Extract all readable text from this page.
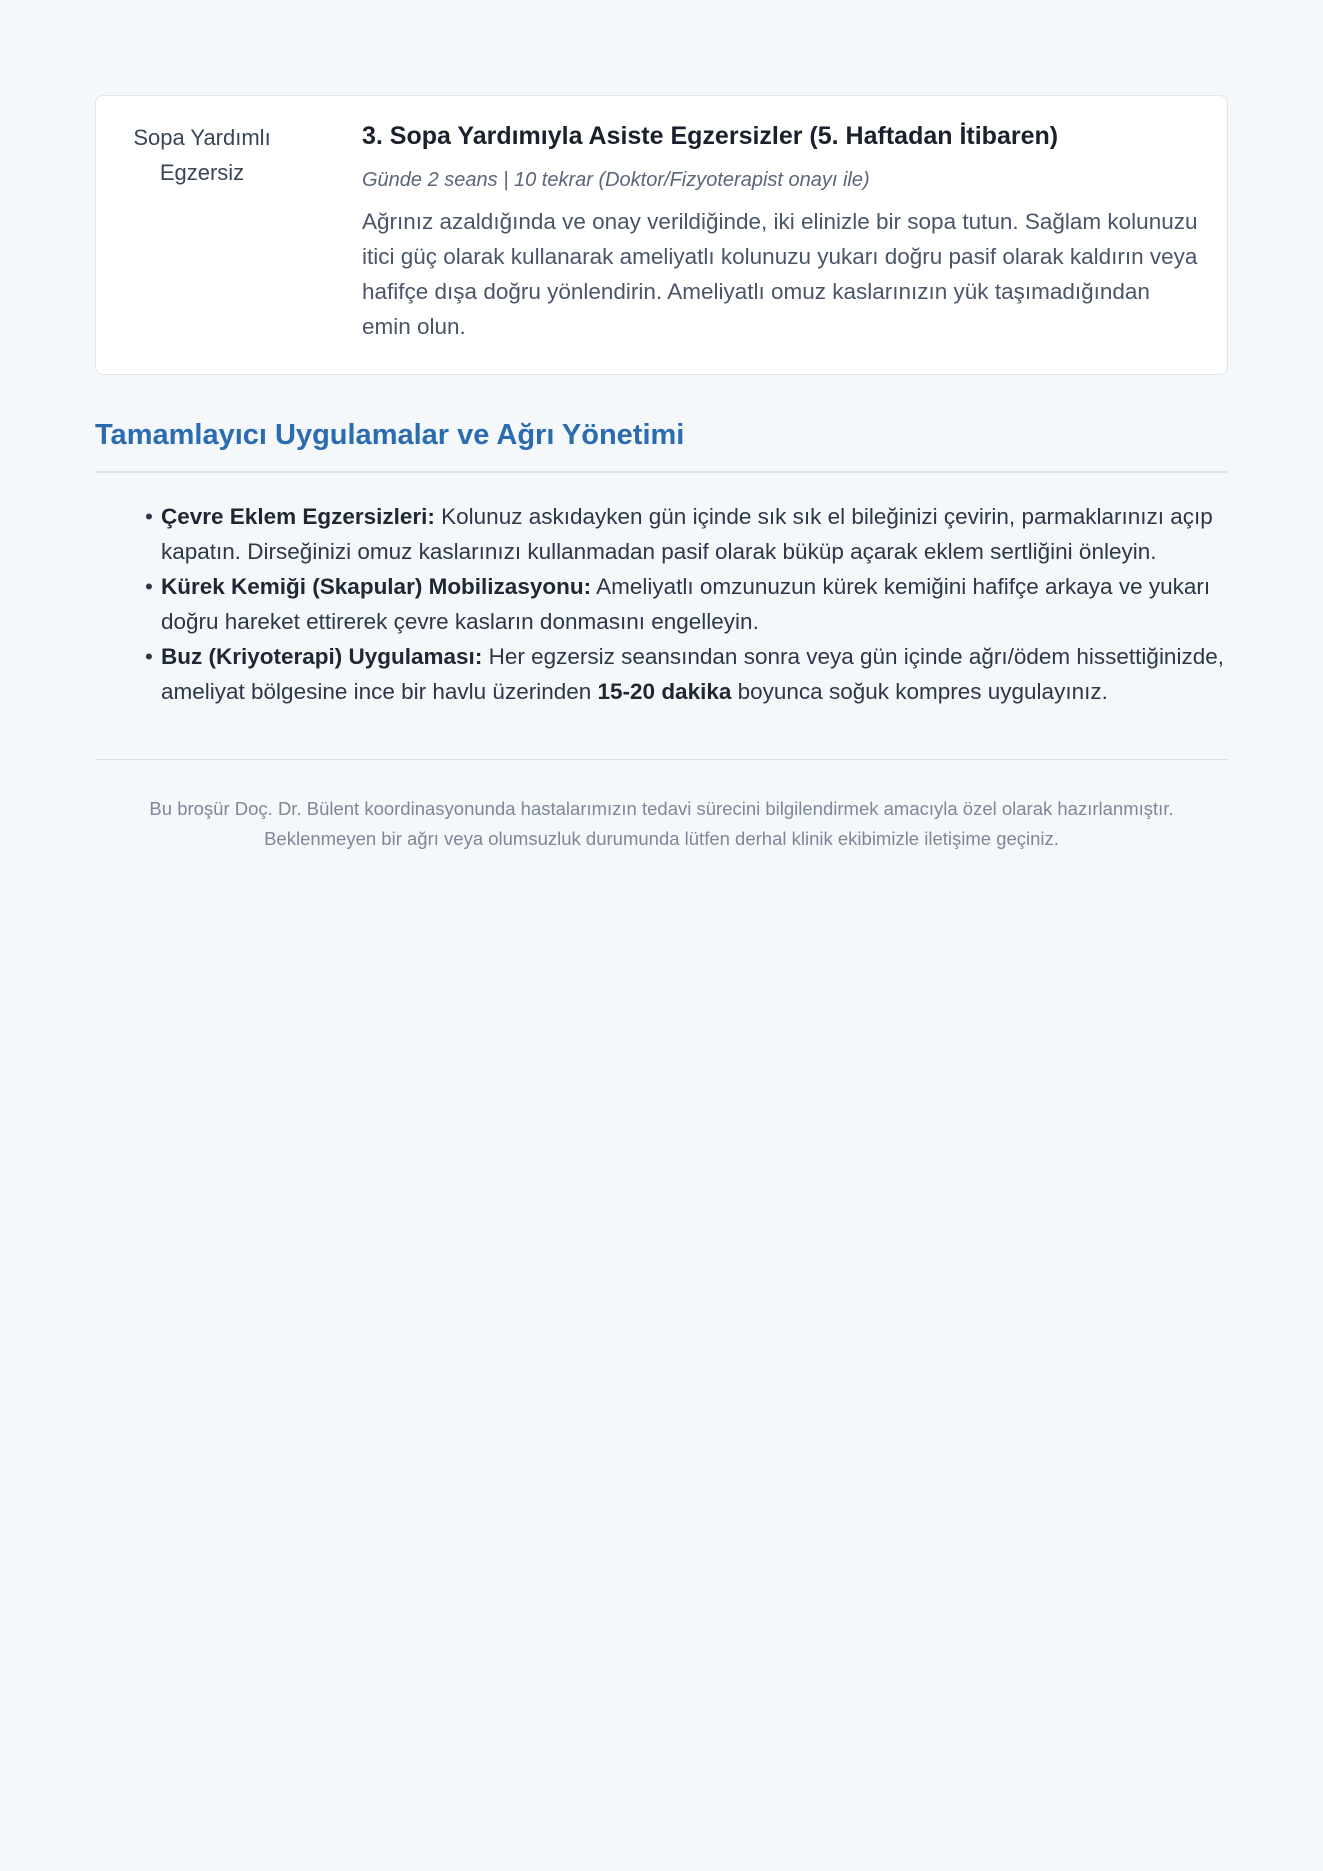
Sopa Yardımlı Egzersiz
3. Sopa Yardımıyla Asiste Egzersizler (5. Haftadan İtibaren)

Günde 2 seans | 10 tekrar (Doktor/Fizyoterapist onayı ile)

Ağrınız azaldığında ve onay verildiğinde, iki elinizle bir sopa tutun. Sağlam kolunuzu itici güç olarak kullanarak ameliyatlı kolunuzu yukarı doğru pasif olarak kaldırın veya hafifçe dışa doğru yönlendirin. Ameliyatlı omuz kaslarınızın yük taşımadığından emin olun.

Tamamlayıcı Uygulamalar ve Ağrı Yönetimi
• Çevre Eklem Egzersizleri: Kolunuz askıdayken gün içinde sık sık el bileğinizi çevirin, parmaklarınızı açıp kapatın. Dirseğinizi omuz kaslarınızı kullanmadan pasif olarak büküp açarak eklem sertliğini önleyin.
• Kürek Kemiği (Skapular) Mobilizasyonu: Ameliyatlı omzunuzun kürek kemiğini hafifçe arkaya ve yukarı doğru hareket ettirerek çevre kasların donmasını engelleyin.
• Buz (Kriyoterapi) Uygulaması: Her egzersiz seansından sonra veya gün içinde ağrı/ödem hissettiğinizde, ameliyat bölgesine ince bir havlu üzerinden 15-20 dakika boyunca soğuk kompres uygulayınız.
Bu broşür Doç. Dr. Bülent koordinasyonunda hastalarımızın tedavi sürecini bilgilendirmek amacıyla özel olarak hazırlanmıştır.
Beklenmeyen bir ağrı veya olumsuzluk durumunda lütfen derhal klinik ekibimizle iletişime geçiniz.
